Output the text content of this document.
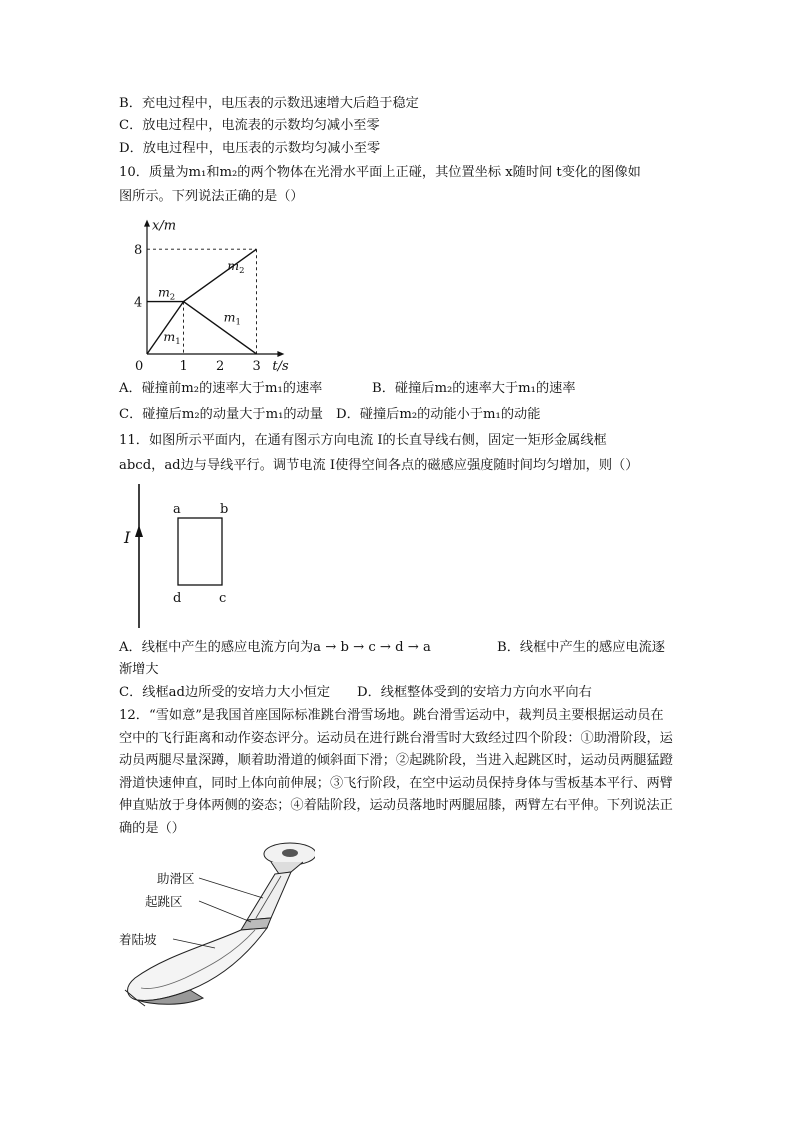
B．充电过程中，电压表的示数迅速增大后趋于稳定
C．放电过程中，电流表的示数均匀减小至零
D．放电过程中，电压表的示数均匀减小至零
10．质量为m₁和m₂的两个物体在光滑水平面上正碰，其位置坐标 x随时间 t变化的图像如
图所示。下列说法正确的是（）
1 2 3
4
8
0	t/s
x/m
$m_2$
$m_1$
$m_2$
$m_1$
A．碰撞前m₂的速率大于m₁的速率	B．碰撞后m₂的速率大于m₁的速率
C．碰撞后m₂的动量大于m₁的动量 D．碰撞后m₂的动能小于m₁的动能
11．如图所示平面内，在通有图示方向电流 I的长直导线右侧，固定一矩形金属线框
abcd，ad边与导线平行。调节电流 I使得空间各点的磁感应强度随时间均匀增加，则（）
I
a	b
d	c
A．线框中产生的感应电流方向为a → b → c → d → a	B．线框中产生的感应电流逐
渐增大
C．线框ad边所受的安培力大小恒定 D．线框整体受到的安培力方向水平向右
12．“雪如意”是我国首座国际标准跳台滑雪场地。跳台滑雪运动中，裁判员主要根据运动员在空中的飞行距离和动作姿态评分。运动员在进行跳台滑雪时大致经过四个阶段：①助滑阶段，运动员两腿尽量深蹲，顺着助滑道的倾斜面下滑；②起跳阶段，当进入起跳区时，运动员两腿猛蹬滑道快速伸直，同时上体向前伸展；③飞行阶段，在空中运动员保持身体与雪板基本平行、两臂伸直贴放于身体两侧的姿态；④着陆阶段，运动员落地时两腿屈膝，两臂左右平伸。下列说法正确的是（）
助滑区
起跳区
着陆坡
